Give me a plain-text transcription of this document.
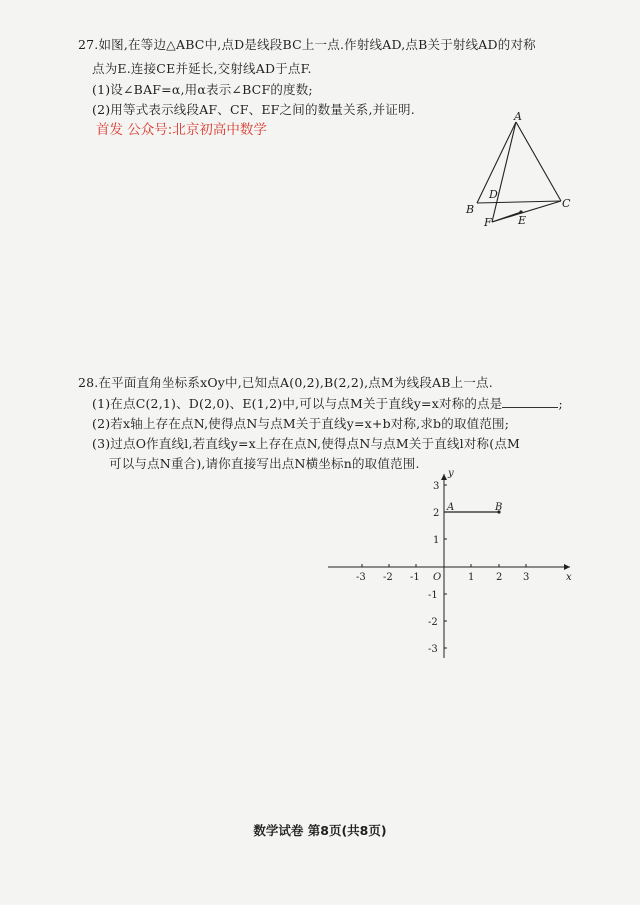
27.如图,在等边△ABC中,点D是线段BC上一点.作射线AD,点B关于射线AD的对称
点为E.连接CE并延长,交射线AD于点F.
(1)设∠BAF=α,用α表示∠BCF的度数;
(2)用等式表示线段AF、CF、EF之间的数量关系,并证明.
首发 公众号:北京初高中数学
A
B	C
D
F E
28.在平面直角坐标系xOy中,已知点A(0,2),B(2,2),点M为线段AB上一点.
(1)在点C(2,1)、D(2,0)、E(1,2)中,可以与点M关于直线y=x对称的点是	;
(2)若x轴上存在点N,使得点N与点M关于直线y=x+b对称,求b的取值范围;
(3)过点O作直线l,若直线y=x上存在点N,使得点N与点M关于直线l对称(点M
可以与点N重合),请你直接写出点N横坐标n的取值范围.
x
y
O
-3 -2 -1	1 2 3
3
2
1
-1
-2
-3
A	B
数学试卷 第8页(共8页)
